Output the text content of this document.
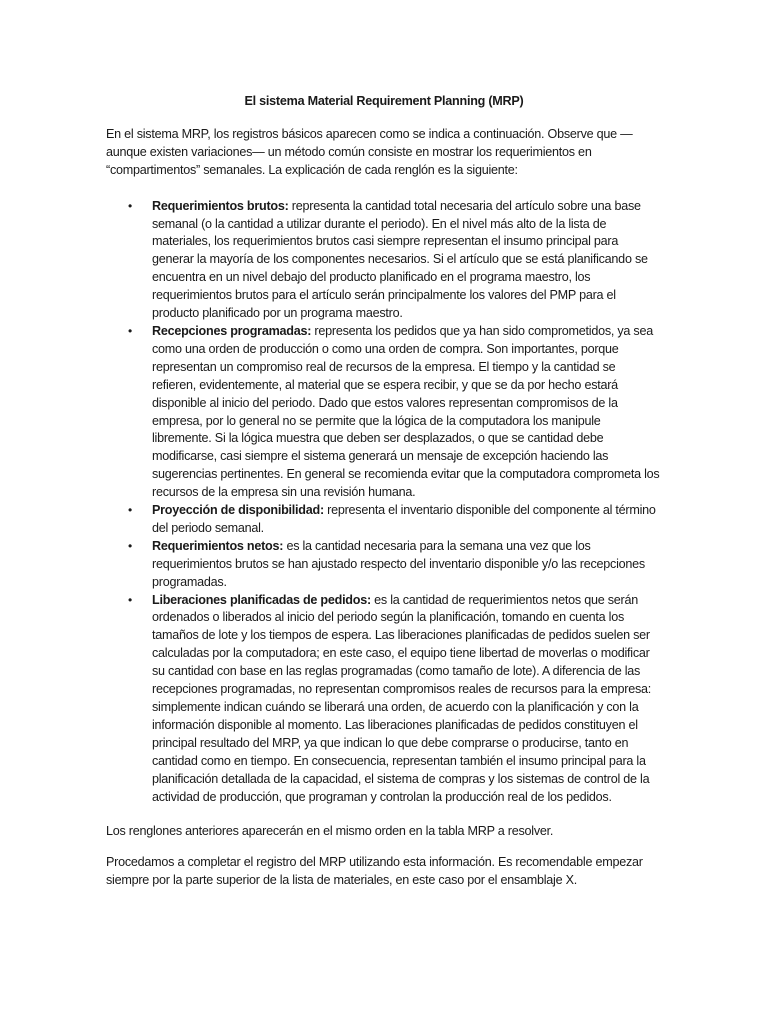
El sistema Material Requirement Planning (MRP)

En el sistema MRP, los registros básicos aparecen como se indica a continuación. Observe que —aunque existen variaciones— un método común consiste en mostrar los requerimientos en “compartimentos” semanales. La explicación de cada renglón es la siguiente:

• Requerimientos brutos: representa la cantidad total necesaria del artículo sobre una base semanal (o la cantidad a utilizar durante el periodo). En el nivel más alto de la lista de materiales, los requerimientos brutos casi siempre representan el insumo principal para generar la mayoría de los componentes necesarios. Si el artículo que se está planificando se encuentra en un nivel debajo del producto planificado en el programa maestro, los requerimientos brutos para el artículo serán principalmente los valores del PMP para el producto planificado por un programa maestro.
• Recepciones programadas: representa los pedidos que ya han sido comprometidos, ya sea como una orden de producción o como una orden de compra. Son importantes, porque representan un compromiso real de recursos de la empresa. El tiempo y la cantidad se refieren, evidentemente, al material que se espera recibir, y que se da por hecho estará disponible al inicio del periodo. Dado que estos valores representan compromisos de la empresa, por lo general no se permite que la lógica de la computadora los manipule libremente. Si la lógica muestra que deben ser desplazados, o que se cantidad debe modificarse, casi siempre el sistema generará un mensaje de excepción haciendo las sugerencias pertinentes. En general se recomienda evitar que la computadora comprometa los recursos de la empresa sin una revisión humana.
• Proyección de disponibilidad: representa el inventario disponible del componente al término del periodo semanal.
• Requerimientos netos: es la cantidad necesaria para la semana una vez que los requerimientos brutos se han ajustado respecto del inventario disponible y/o las recepciones programadas.
• Liberaciones planificadas de pedidos: es la cantidad de requerimientos netos que serán ordenados o liberados al inicio del periodo según la planificación, tomando en cuenta los tamaños de lote y los tiempos de espera. Las liberaciones planificadas de pedidos suelen ser calculadas por la computadora; en este caso, el equipo tiene libertad de moverlas o modificar su cantidad con base en las reglas programadas (como tamaño de lote). A diferencia de las recepciones programadas, no representan compromisos reales de recursos para la empresa: simplemente indican cuándo se liberará una orden, de acuerdo con la planificación y con la información disponible al momento. Las liberaciones planificadas de pedidos constituyen el principal resultado del MRP, ya que indican lo que debe comprarse o producirse, tanto en cantidad como en tiempo. En consecuencia, representan también el insumo principal para la planificación detallada de la capacidad, el sistema de compras y los sistemas de control de la actividad de producción, que programan y controlan la producción real de los pedidos.

Los renglones anteriores aparecerán en el mismo orden en la tabla MRP a resolver.

Procedamos a completar el registro del MRP utilizando esta información. Es recomendable empezar siempre por la parte superior de la lista de materiales, en este caso por el ensamblaje X.
